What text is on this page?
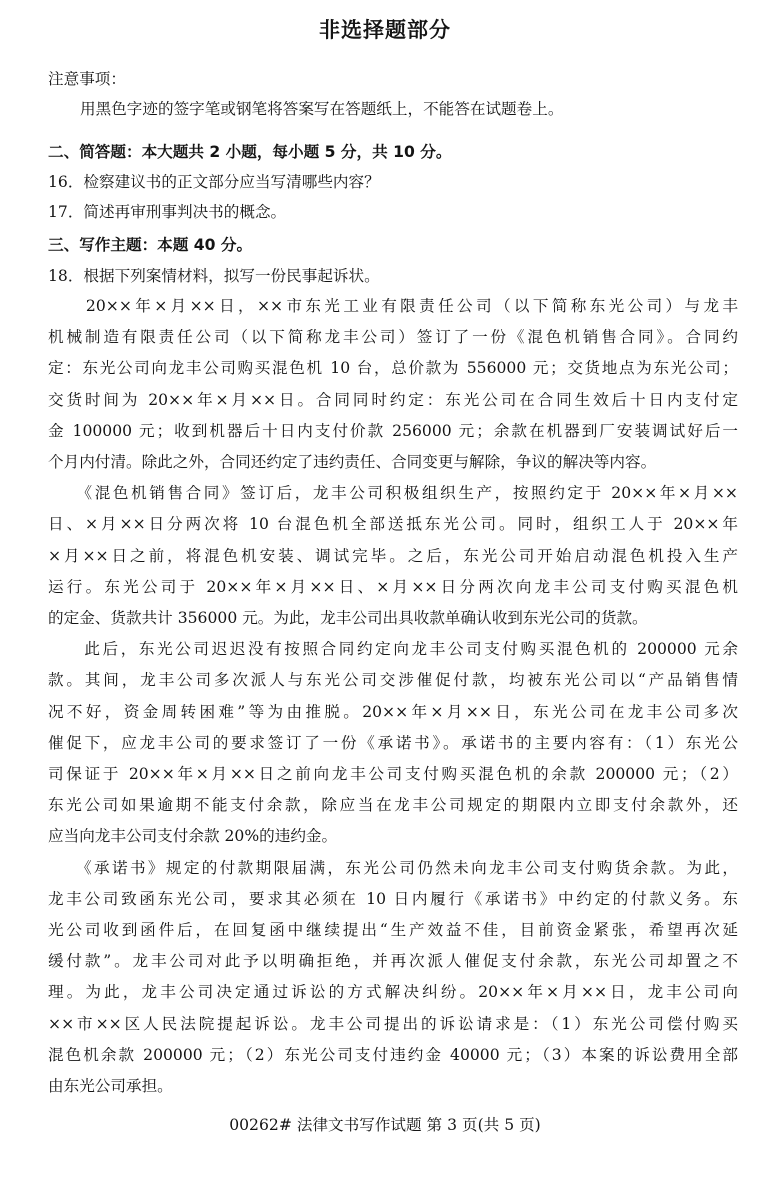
非选择题部分
注意事项：
用黑色字迹的签字笔或钢笔将答案写在答题纸上，不能答在试题卷上。
二、简答题：本大题共 2 小题，每小题 5 分，共 10 分。
16．检察建议书的正文部分应当写清哪些内容？
17．简述再审刑事判决书的概念。
三、写作主题：本题 40 分。
18．根据下列案情材料，拟写一份民事起诉状。
　　20××年×月××日，××市东光工业有限责任公司（以下简称东光公司）与龙丰
机械制造有限责任公司（以下简称龙丰公司）签订了一份《混色机销售合同》。合同约
定：东光公司向龙丰公司购买混色机 10 台，总价款为 556000 元；交货地点为东光公司；
交货时间为 20××年×月××日。合同同时约定：东光公司在合同生效后十日内支付定
金 100000 元；收到机器后十日内支付价款 256000 元；余款在机器到厂安装调试好后一
个月内付清。除此之外，合同还约定了违约责任、合同变更与解除，争议的解决等内容。
　　《混色机销售合同》签订后，龙丰公司积极组织生产，按照约定于 20××年×月××
日、×月××日分两次将 10 台混色机全部送抵东光公司。同时，组织工人于 20××年
×月××日之前，将混色机安装、调试完毕。之后，东光公司开始启动混色机投入生产
运行。东光公司于 20××年×月××日、×月××日分两次向龙丰公司支付购买混色机
的定金、货款共计 356000 元。为此，龙丰公司出具收款单确认收到东光公司的货款。
　　此后，东光公司迟迟没有按照合同约定向龙丰公司支付购买混色机的 200000 元余
款。其间，龙丰公司多次派人与东光公司交涉催促付款，均被东光公司以“产品销售情
况不好，资金周转困难”等为由推脱。20××年×月××日，东光公司在龙丰公司多次
催促下，应龙丰公司的要求签订了一份《承诺书》。承诺书的主要内容有：（1）东光公
司保证于 20××年×月××日之前向龙丰公司支付购买混色机的余款 200000 元；（2）
东光公司如果逾期不能支付余款，除应当在龙丰公司规定的期限内立即支付余款外，还
应当向龙丰公司支付余款 20%的违约金。
　　《承诺书》规定的付款期限届满，东光公司仍然未向龙丰公司支付购货余款。为此，
龙丰公司致函东光公司，要求其必须在 10 日内履行《承诺书》中约定的付款义务。东
光公司收到函件后，在回复函中继续提出“生产效益不佳，目前资金紧张，希望再次延
缓付款”。龙丰公司对此予以明确拒绝，并再次派人催促支付余款，东光公司却置之不
理。为此，龙丰公司决定通过诉讼的方式解决纠纷。20××年×月××日，龙丰公司向
××市××区人民法院提起诉讼。龙丰公司提出的诉讼请求是：（1）东光公司偿付购买
混色机余款 200000 元；（2）东光公司支付违约金 40000 元；（3）本案的诉讼费用全部
由东光公司承担。
00262# 法律文书写作试题 第 3 页(共 5 页)
